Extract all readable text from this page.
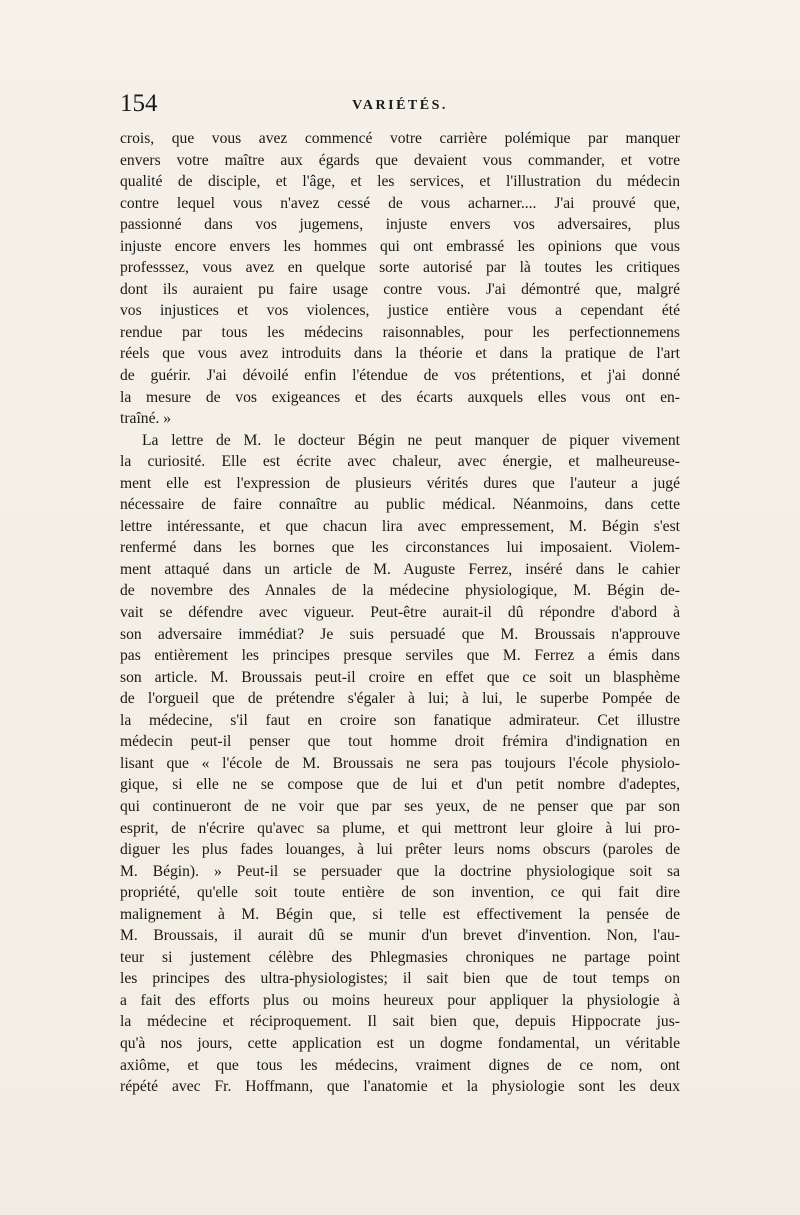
154	VARIÉTÉS.
crois, que vous avez commencé votre carrière polémique par manquer
envers votre maître aux égards que devaient vous commander, et votre
qualité de disciple, et l'âge, et les services, et l'illustration du médecin
contre lequel vous n'avez cessé de vous acharner.... J'ai prouvé que,
passionné dans vos jugemens, injuste envers vos adversaires, plus
injuste encore envers les hommes qui ont embrassé les opinions que vous
professsez, vous avez en quelque sorte autorisé par là toutes les critiques
dont ils auraient pu faire usage contre vous. J'ai démontré que, malgré
vos injustices et vos violences, justice entière vous a cependant été
rendue par tous les médecins raisonnables, pour les perfectionnemens
réels que vous avez introduits dans la théorie et dans la pratique de l'art
de guérir. J'ai dévoilé enfin l'étendue de vos prétentions, et j'ai donné
la mesure de vos exigeances et des écarts auxquels elles vous ont en-
traîné. »
La lettre de M. le docteur Bégin ne peut manquer de piquer vivement
la curiosité. Elle est écrite avec chaleur, avec énergie, et malheureuse-
ment elle est l'expression de plusieurs vérités dures que l'auteur a jugé
nécessaire de faire connaître au public médical. Néanmoins, dans cette
lettre intéressante, et que chacun lira avec empressement, M. Bégin s'est
renfermé dans les bornes que les circonstances lui imposaient. Violem-
ment attaqué dans un article de M. Auguste Ferrez, inséré dans le cahier
de novembre des Annales de la médecine physiologique, M. Bégin de-
vait se défendre avec vigueur. Peut-être aurait-il dû répondre d'abord à
son adversaire immédiat? Je suis persuadé que M. Broussais n'approuve
pas entièrement les principes presque serviles que M. Ferrez a émis dans
son article. M. Broussais peut-il croire en effet que ce soit un blasphème
de l'orgueil que de prétendre s'égaler à lui; à lui, le superbe Pompée de
la médecine, s'il faut en croire son fanatique admirateur. Cet illustre
médecin peut-il penser que tout homme droit frémira d'indignation en
lisant que « l'école de M. Broussais ne sera pas toujours l'école physiolo-
gique, si elle ne se compose que de lui et d'un petit nombre d'adeptes,
qui continueront de ne voir que par ses yeux, de ne penser que par son
esprit, de n'écrire qu'avec sa plume, et qui mettront leur gloire à lui pro-
diguer les plus fades louanges, à lui prêter leurs noms obscurs (paroles de
M. Bégin). » Peut-il se persuader que la doctrine physiologique soit sa
propriété, qu'elle soit toute entière de son invention, ce qui fait dire
malignement à M. Bégin que, si telle est effectivement la pensée de
M. Broussais, il aurait dû se munir d'un brevet d'invention. Non, l'au-
teur si justement célèbre des Phlegmasies chroniques ne partage point
les principes des ultra-physiologistes; il sait bien que de tout temps on
a fait des efforts plus ou moins heureux pour appliquer la physiologie à
la médecine et réciproquement. Il sait bien que, depuis Hippocrate jus-
qu'à nos jours, cette application est un dogme fondamental, un véritable
axiôme, et que tous les médecins, vraiment dignes de ce nom, ont
répété avec Fr. Hoffmann, que l'anatomie et la physiologie sont les deux
